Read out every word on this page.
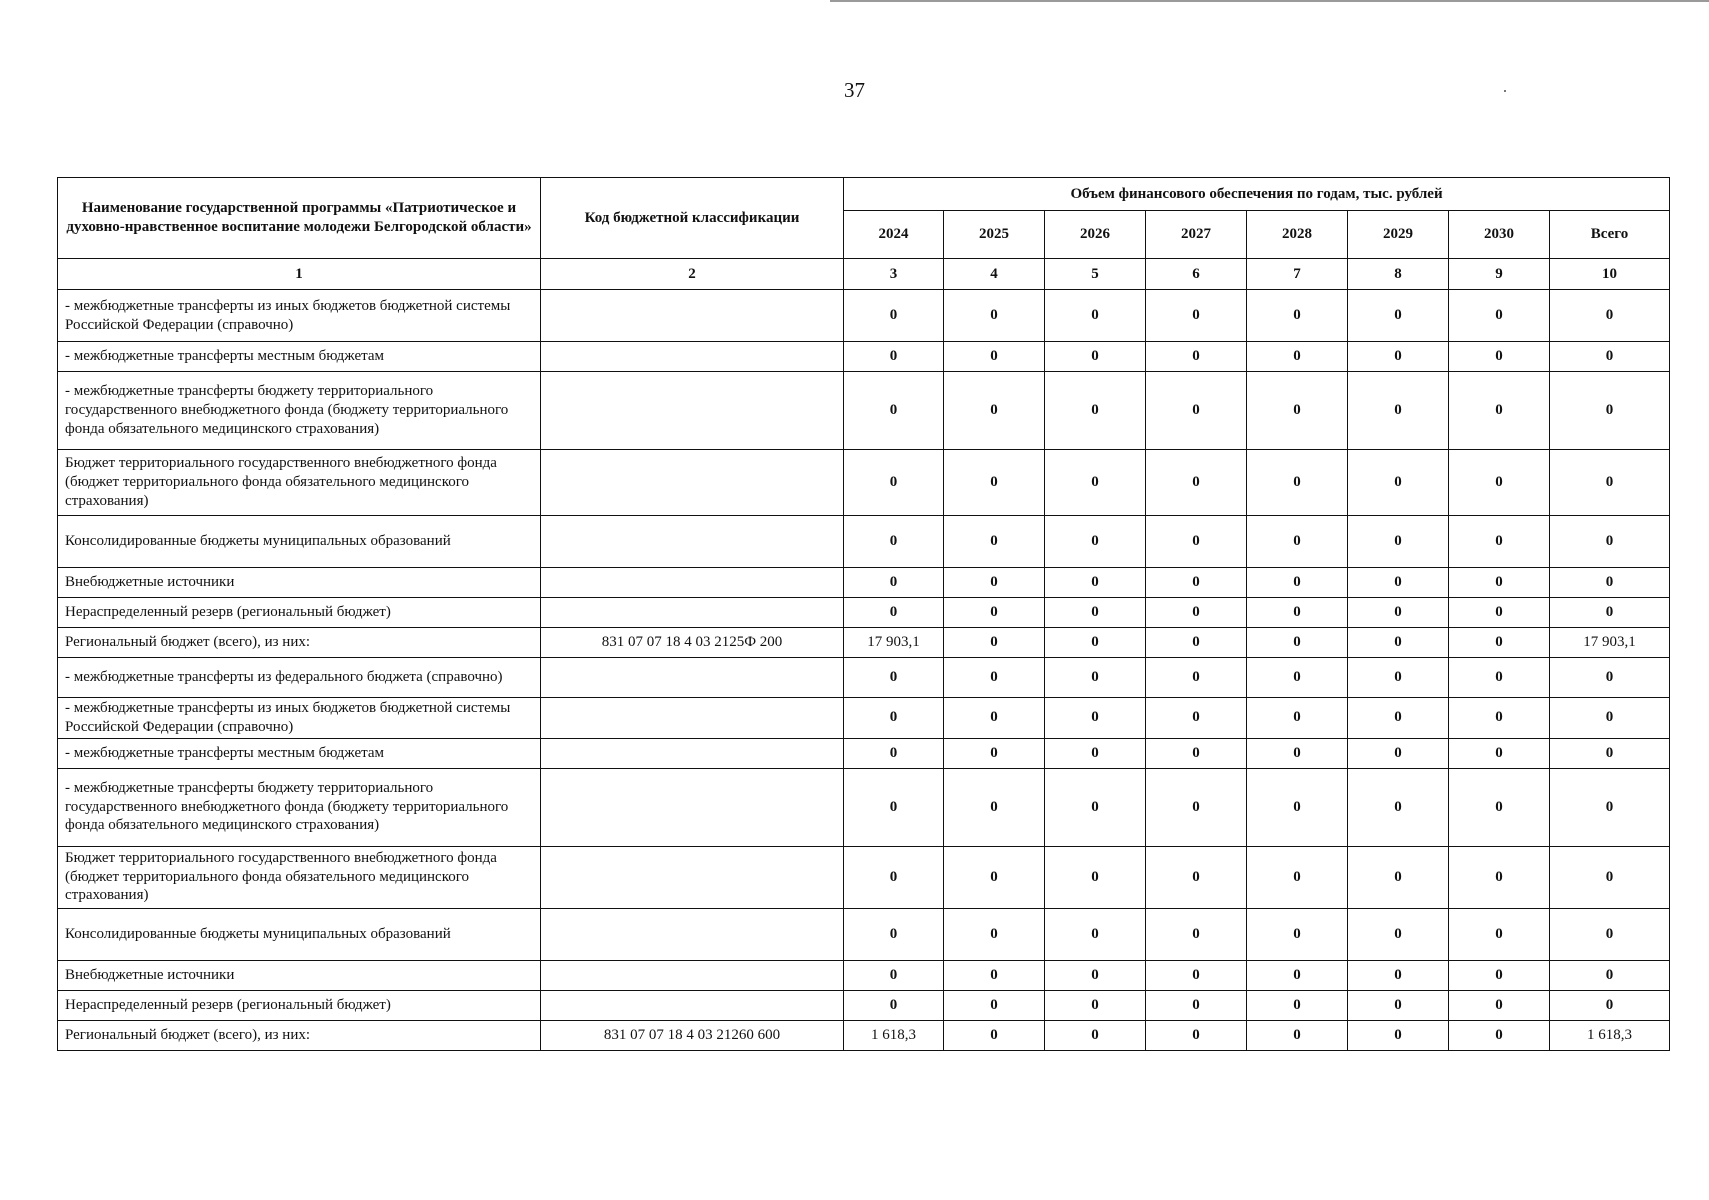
37
Наименование государственной программы «Патриотическое и духовно-нравственное воспитание молодежи Белгородской области»	Код бюджетной классификации	Объем финансового обеспечения по годам, тыс. рублей							
		2024	2025	2026	2027	2028	2029	2030	Всего
1	2	3	4	5	6	7	8	9	10
- межбюджетные трансферты из иных бюджетов бюджетной системы Российской Федерации (справочно)		0	0	0	0	0	0	0	0
- межбюджетные трансферты местным бюджетам		0	0	0	0	0	0	0	0
- межбюджетные трансферты бюджету территориального государственного внебюджетного фонда (бюджету территориального фонда обязательного медицинского страхования)		0	0	0	0	0	0	0	0
Бюджет территориального государственного внебюджетного фонда (бюджет территориального фонда обязательного медицинского страхования)		0	0	0	0	0	0	0	0
Консолидированные бюджеты муниципальных образований		0	0	0	0	0	0	0	0
Внебюджетные источники		0	0	0	0	0	0	0	0
Нераспределенный резерв (региональный бюджет)		0	0	0	0	0	0	0	0
Региональный бюджет (всего), из них:	831 07 07 18 4 03 2125Ф 200	17 903,1	0	0	0	0	0	0	17 903,1
- межбюджетные трансферты из федерального бюджета (справочно)		0	0	0	0	0	0	0	0
- межбюджетные трансферты из иных бюджетов бюджетной системы Российской Федерации (справочно)		0	0	0	0	0	0	0	0
- межбюджетные трансферты местным бюджетам		0	0	0	0	0	0	0	0
- межбюджетные трансферты бюджету территориального государственного внебюджетного фонда (бюджету территориального фонда обязательного медицинского страхования)		0	0	0	0	0	0	0	0
Бюджет территориального государственного внебюджетного фонда (бюджет территориального фонда обязательного медицинского страхования)		0	0	0	0	0	0	0	0
Консолидированные бюджеты муниципальных образований		0	0	0	0	0	0	0	0
Внебюджетные источники		0	0	0	0	0	0	0	0
Нераспределенный резерв (региональный бюджет)		0	0	0	0	0	0	0	0
Региональный бюджет (всего), из них:	831 07 07 18 4 03 21260 600	1 618,3	0	0	0	0	0	0	1 618,3
